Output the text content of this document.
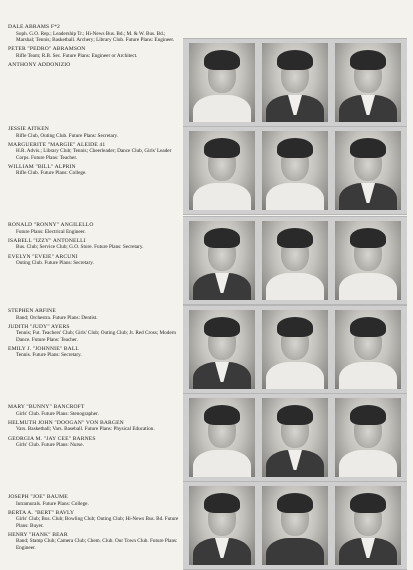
DALE ABRAMS F*2
Soph. G.O. Rep.; Leadership Tr.; Hi-News Bus. Bd.; M. & W. Bus. Bd.; Marshal; Tennis; Basketball. Archery; Library Club. Future Plans: Engineer.
PETER "PEDRO" ABRAMSON
Rifle Team; R.B. Sec. Future Plans: Engineer or Architect.
ANTHONY ADDONIZIO
JESSIE AITKEN
Rifle Club, Outing Club. Future Plans: Secretary.
MARGUERITE "MARGIE" ALEIDE 41
H.R. Advis.; Library Club; Tennis; Cheerleader; Dance Club, Girls' Leader Corps. Future Plans: Teacher.
WILLIAM "BILL" ALPRIN
Rifle Club. Future Plans: College.
RONALD "RONNY" ANGILELLO
Future Plans: Electrical Engineer.
ISABELL "IZZY" ANTONELLI
Bus. Club; Service Club; G.O. Store. Future Plans: Secretary.
EVELYN "EVEIE" ARCUNI
Outing Club. Future Plans: Secretary.
STEPHEN ARFINE
Band; Orchestra. Future Plans: Dentist.
JUDITH "JUDY" AYERS
Tennis; Fut. Teachers' Club; Girls' Club; Outing Club; Jr. Red Cross; Modern Dance. Future Plans: Teacher.
EMILY J. "JOHNNIE" BALL
Tennis. Future Plans: Secretary.
MARY "BUNNY" BANCROFT
Girls' Club. Future Plans: Stenographer.
HELMUTH JOHN "DOOGAN" VON BARGEN
Vars. Basketball; Vars. Baseball. Future Plans: Physical Education.
GEORGIA M. "JAY CEE" BARNES
Girls' Club. Future Plans: Nurse.
JOSEPH "JOE" BAUME
Intramurals. Future Plans: College.
BERTA A. "BERT" BAVLY
Girls' Club; Bus. Club; Bowling Club; Outing Club; Hi-News Bus. Bd. Future Plans: Buyer.
HENRY "HANK" BEAR
Band; Stamp Club; Camera Club; Chem. Club. Our Town Club. Future Plans: Engineer.
